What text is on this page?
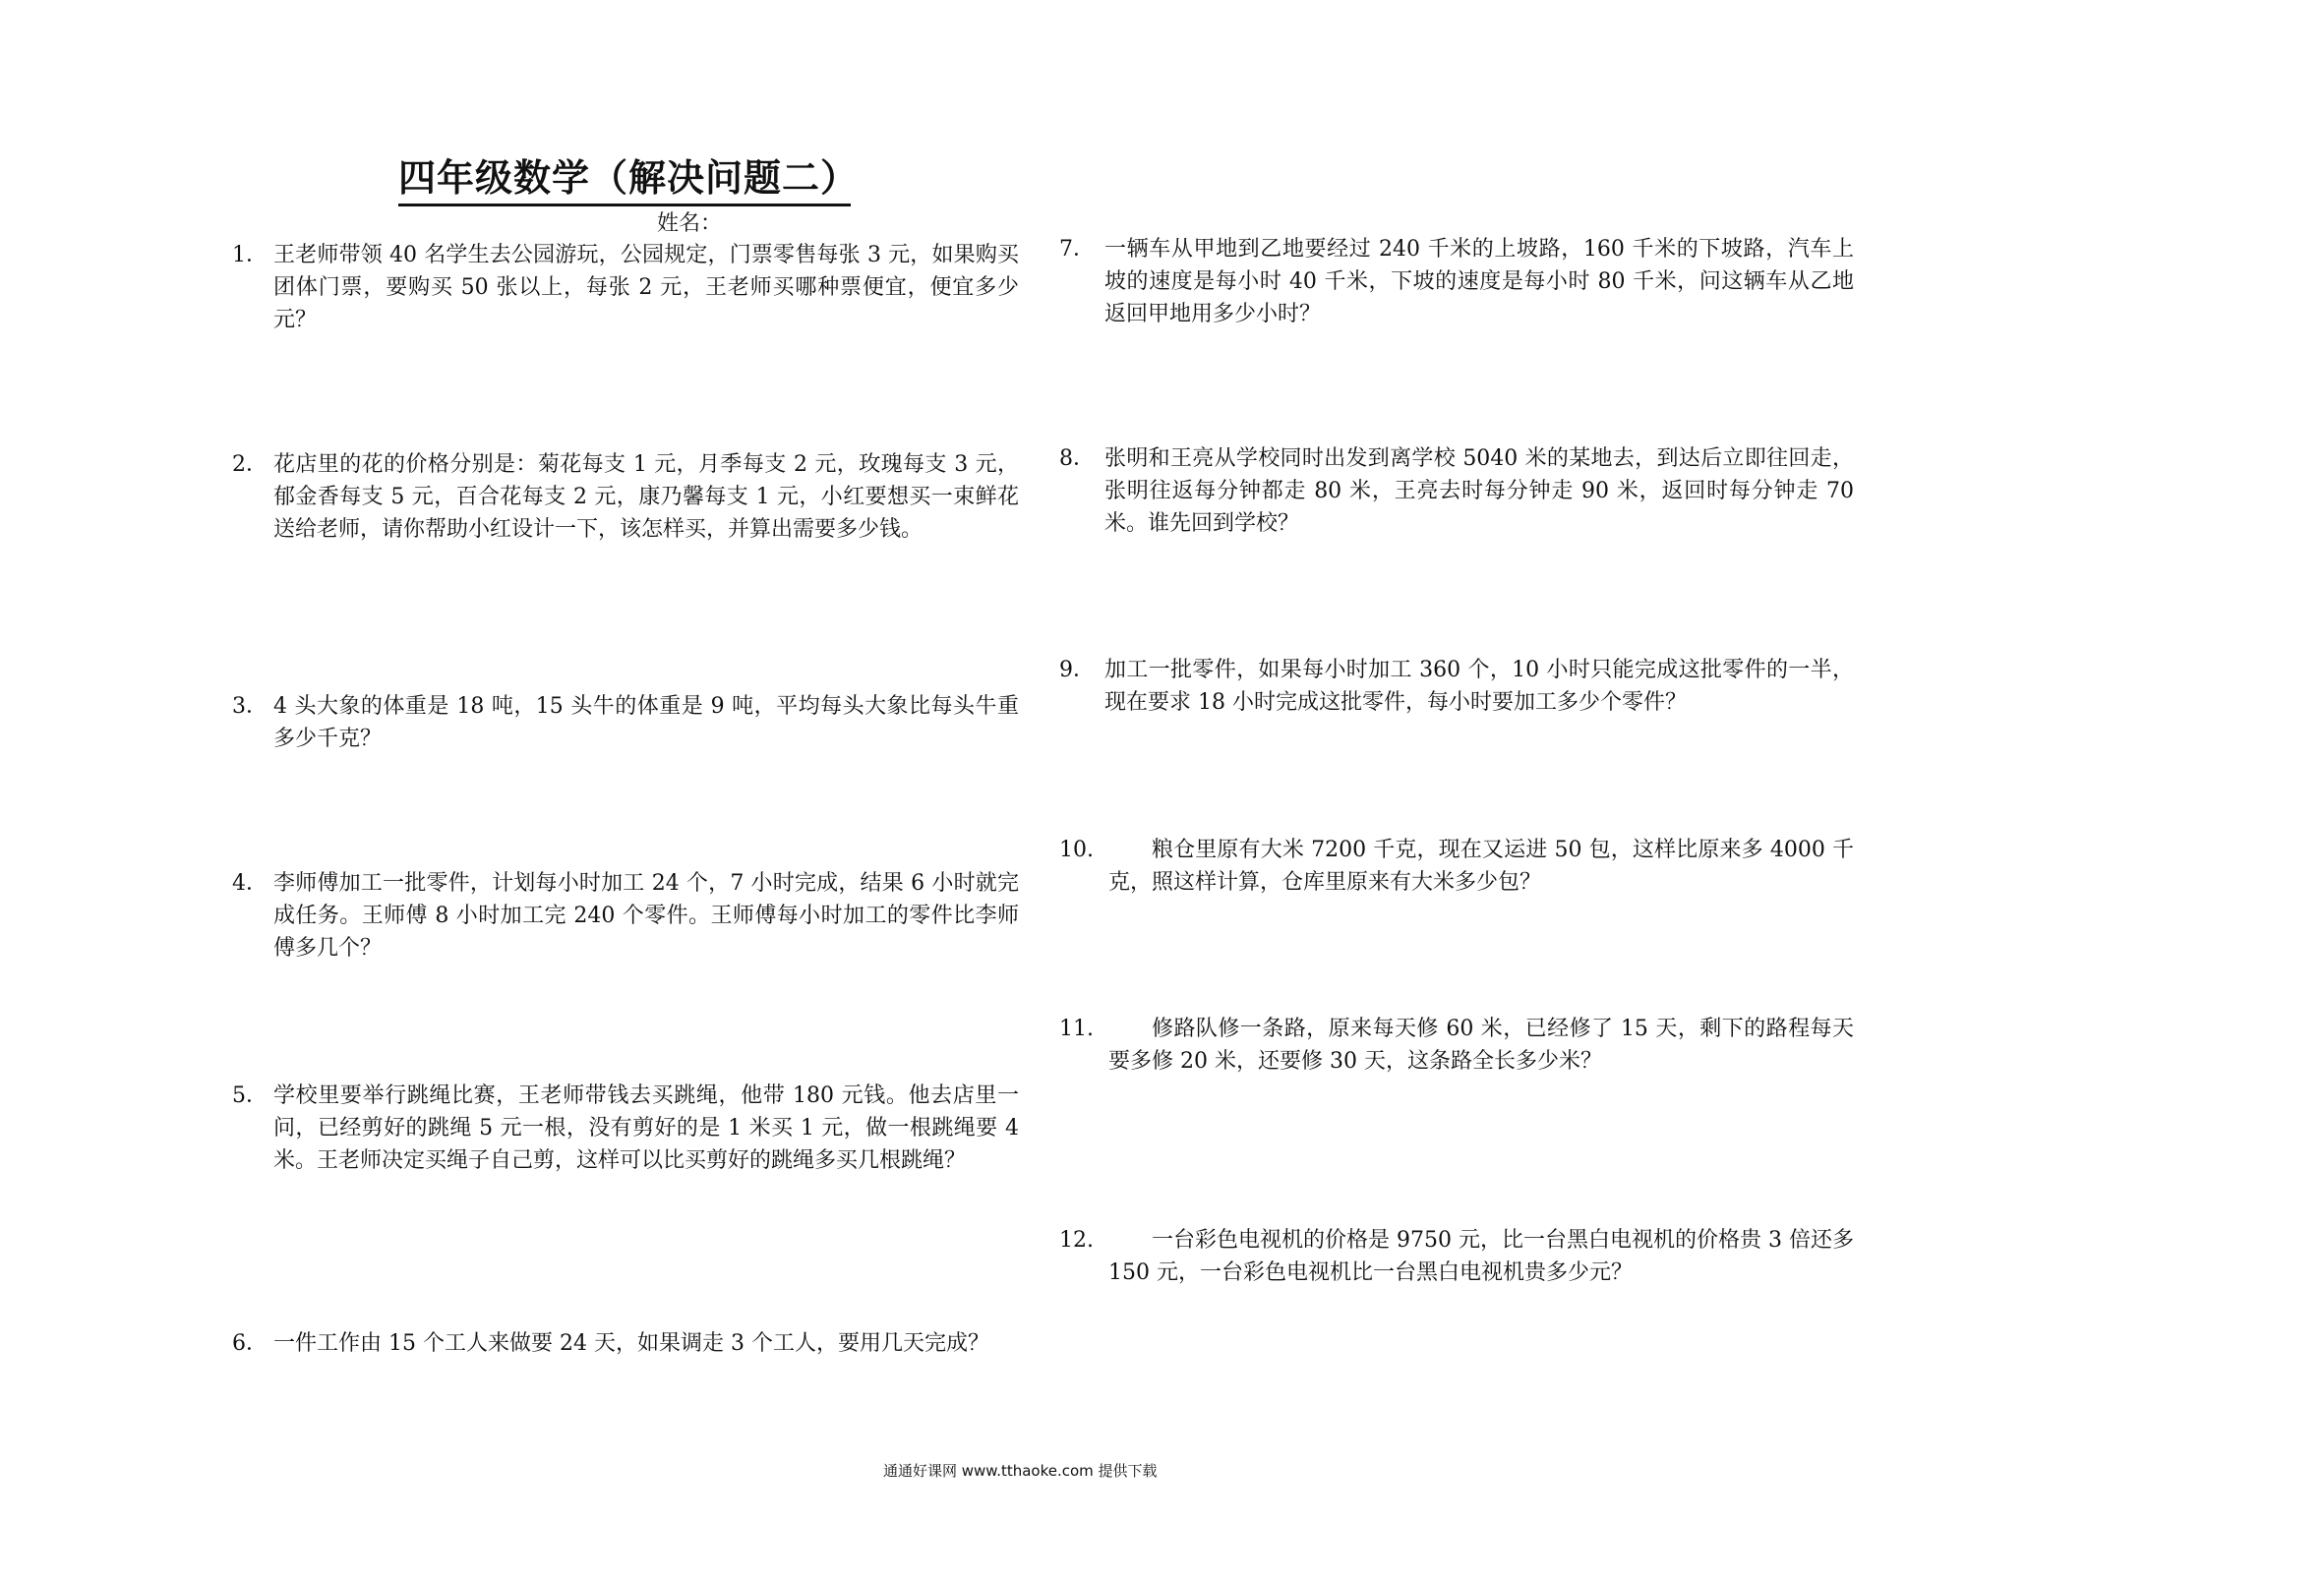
四年级数学（解决问题二）
姓名：
1． 王老师带领 40 名学生去公园游玩，公园规定，门票零售每张 3 元，如果购买团体门票，要购买 50 张以上，每张 2 元，王老师买哪种票便宜，便宜多少元？
2． 花店里的花的价格分别是：菊花每支 1 元，月季每支 2 元，玫瑰每支 3 元，郁金香每支 5 元，百合花每支 2 元，康乃馨每支 1 元，小红要想买一束鲜花送给老师，请你帮助小红设计一下，该怎样买，并算出需要多少钱。
3． 4 头大象的体重是 18 吨，15 头牛的体重是 9 吨，平均每头大象比每头牛重多少千克？
4． 李师傅加工一批零件，计划每小时加工 24 个，7 小时完成，结果 6 小时就完成任务。王师傅 8 小时加工完 240 个零件。王师傅每小时加工的零件比李师傅多几个？
5． 学校里要举行跳绳比赛，王老师带钱去买跳绳，他带 180 元钱。他去店里一问，已经剪好的跳绳 5 元一根，没有剪好的是 1 米买 1 元，做一根跳绳要 4 米。王老师决定买绳子自己剪，这样可以比买剪好的跳绳多买几根跳绳？
6． 一件工作由 15 个工人来做要 24 天，如果调走 3 个工人，要用几天完成？
7． 一辆车从甲地到乙地要经过 240 千米的上坡路，160 千米的下坡路，汽车上坡的速度是每小时 40 千米，下坡的速度是每小时 80 千米，问这辆车从乙地返回甲地用多少小时？
8． 张明和王亮从学校同时出发到离学校 5040 米的某地去，到达后立即往回走，张明往返每分钟都走 80 米，王亮去时每分钟走 90 米，返回时每分钟走 70 米。谁先回到学校？
9． 加工一批零件，如果每小时加工 360 个，10 小时只能完成这批零件的一半，现在要求 18 小时完成这批零件，每小时要加工多少个零件？
10.	粮仓里原有大米 7200 千克，现在又运进 50 包，这样比原来多 4000 千克，照这样计算，仓库里原来有大米多少包？
11.	修路队修一条路，原来每天修 60 米，已经修了 15 天，剩下的路程每天要多修 20 米，还要修 30 天，这条路全长多少米？
12.	一台彩色电视机的价格是 9750 元，比一台黑白电视机的价格贵 3 倍还多 150 元，一台彩色电视机比一台黑白电视机贵多少元？
通通好课网 www.tthaoke.com 提供下载
